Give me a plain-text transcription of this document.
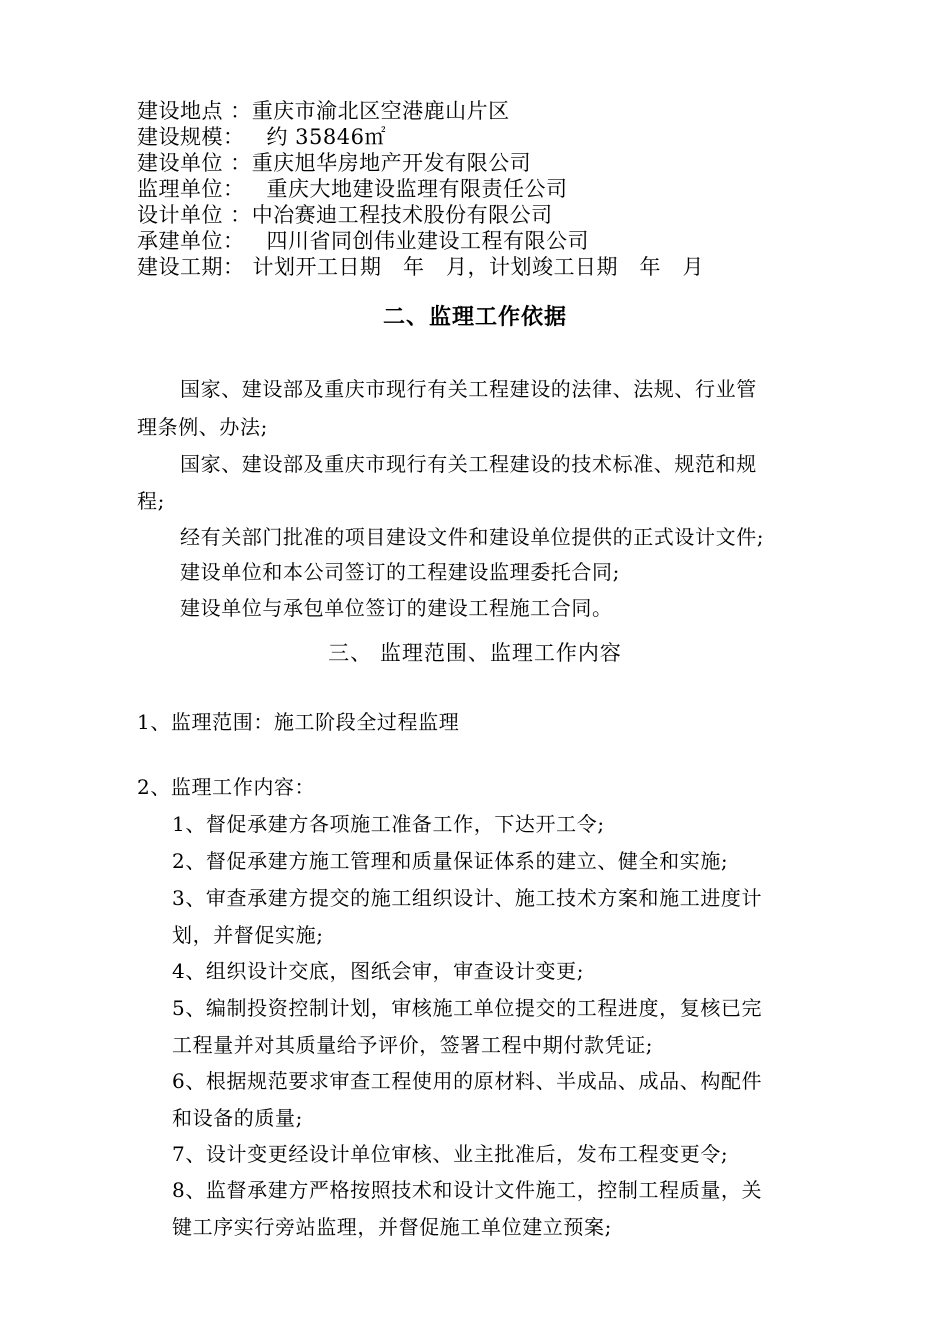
建设地点 ：重庆市渝北区空港鹿山片区
建设规模： 约 35846㎡
建设单位 ：重庆旭华房地产开发有限公司
监理单位： 重庆大地建设监理有限责任公司
设计单位 ：中冶赛迪工程技术股份有限公司
承建单位： 四川省同创伟业建设工程有限公司
建设工期： 计划开工日期　年　月，计划竣工日期　年　月
二、监理工作依据
国家、建设部及重庆市现行有关工程建设的法律、法规、行业管
理条例、办法;
国家、建设部及重庆市现行有关工程建设的技术标准、规范和规
程;
经有关部门批准的项目建设文件和建设单位提供的正式设计文件;
建设单位和本公司签订的工程建设监理委托合同;
建设单位与承包单位签订的建设工程施工合同。
三、 监理范围、监理工作内容
1、监理范围：施工阶段全过程监理
2、监理工作内容：
1、督促承建方各项施工准备工作，下达开工令;
2、督促承建方施工管理和质量保证体系的建立、健全和实施;
3、审查承建方提交的施工组织设计、施工技术方案和施工进度计
划，并督促实施;
4、组织设计交底，图纸会审，审查设计变更;
5、编制投资控制计划，审核施工单位提交的工程进度，复核已完
工程量并对其质量给予评价，签署工程中期付款凭证;
6、根据规范要求审查工程使用的原材料、半成品、成品、构配件
和设备的质量;
7、设计变更经设计单位审核、业主批准后，发布工程变更令;
8、监督承建方严格按照技术和设计文件施工，控制工程质量，关
键工序实行旁站监理，并督促施工单位建立预案;
